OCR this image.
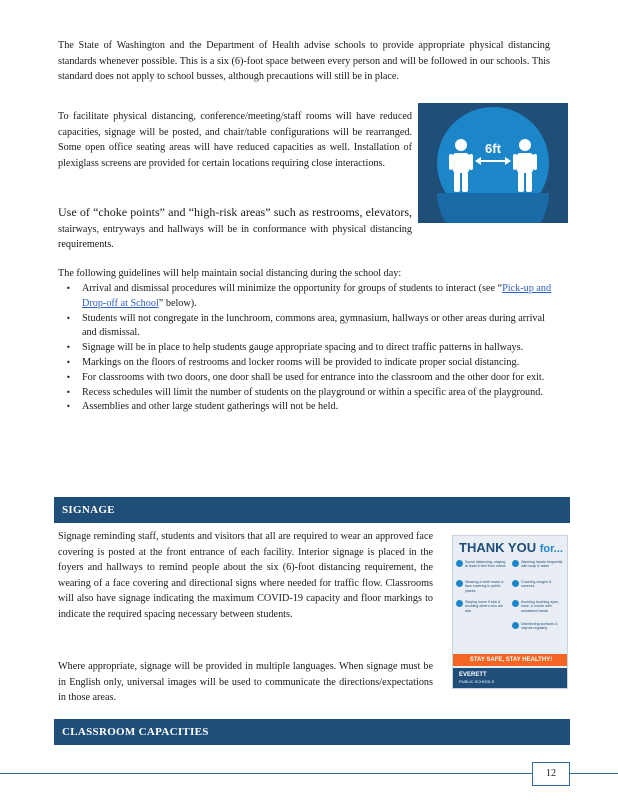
The State of Washington and the Department of Health advise schools to provide appropriate physical distancing standards whenever possible. This is a six (6)-foot space between every person and will be followed in our schools. This standard does not apply to school busses, although precautions will still be in place.
To facilitate physical distancing, conference/meeting/staff rooms will have reduced capacities, signage will be posted, and chair/table configurations will be rearranged. Some open office seating areas will have reduced capacities as well. Installation of plexiglass screens are provided for certain locations requiring close interactions.
6ft
Use of “choke points” and “high-risk areas” such as restrooms, elevators, stairways, entryways and hallways will be in conformance with physical distancing requirements.
The following guidelines will help maintain social distancing during the school day:
• Arrival and dismissal procedures will minimize the opportunity for groups of students to interact (see “Pick-up and Drop-off at School” below).
• Students will not congregate in the lunchroom, commons area, gymnasium, hallways or other areas during arrival and dismissal.
• Signage will be in place to help students gauge appropriate spacing and to direct traffic patterns in hallways.
• Markings on the floors of restrooms and locker rooms will be provided to indicate proper social distancing.
• For classrooms with two doors, one door shall be used for entrance into the classroom and the other door for exit.
• Recess schedules will limit the number of students on the playground or within a specific area of the playground.
• Assemblies and other large student gatherings will not be held.
SIGNAGE
Signage reminding staff, students and visitors that all are required to wear an approved face covering is posted at the front entrance of each facility. Interior signage is placed in the foyers and hallways to remind people about the six (6)-foot distancing requirement, the wearing of a face covering and directional signs where needed for traffic flow. Classrooms will also have signage indicating the maximum COVID-19 capacity and floor markings to indicate the required spacing necessary between students.
Where appropriate, signage will be provided in multiple languages. When signage must be in English only, universal images will be used to communicate the directions/expectations in those areas.
THANK YOU for...
Social distancing, staying at least 6 feet from others
Washing hands frequently with soap & water
Wearing a cloth mask or face covering in public places
Covering coughs & sneezes
Staying home if sick & avoiding others who are sick
Avoiding touching eyes, nose, & mouth with unwashed hands
Disinfecting surfaces & objects regularly
STAY SAFE, STAY HEALTHY!
EVERETT
PUBLIC SCHOOLS
CLASSROOM CAPACITIES
12
